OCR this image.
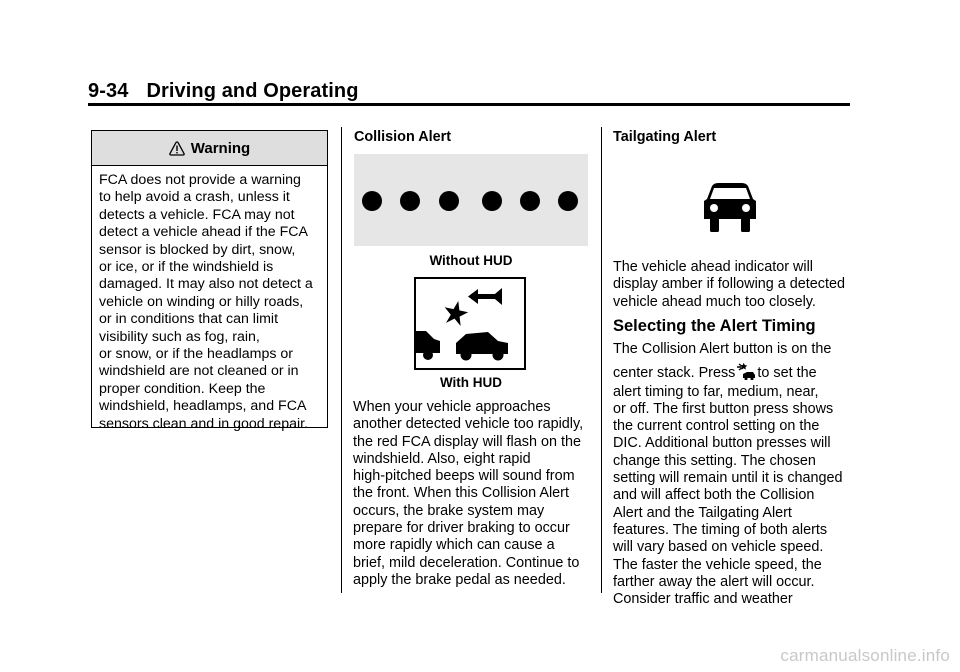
9-34 Driving and Operating
Warning

FCA does not provide a warning

to help avoid a crash, unless it

detects a vehicle. FCA may not

detect a vehicle ahead if the FCA

sensor is blocked by dirt, snow,

or ice, or if the windshield is

damaged. It may also not detect a

vehicle on winding or hilly roads,

or in conditions that can limit

visibility such as fog, rain,

or snow, or if the headlamps or

windshield are not cleaned or in

proper condition. Keep the

windshield, headlamps, and FCA

sensors clean and in good repair.

Collision Alert
Without HUD
With HUD

When your vehicle approaches

another detected vehicle too rapidly,

the red FCA display will flash on the

windshield. Also, eight rapid

high-pitched beeps will sound from

the front. When this Collision Alert

occurs, the brake system may

prepare for driver braking to occur

more rapidly which can cause a

brief, mild deceleration. Continue to

apply the brake pedal as needed.

Tailgating Alert

The vehicle ahead indicator will

display amber if following a detected

vehicle ahead much too closely.

Selecting the Alert Timing

The Collision Alert button is on the

center stack. Press to set the

alert timing to far, medium, near,

or off. The first button press shows

the current control setting on the

DIC. Additional button presses will

change this setting. The chosen

setting will remain until it is changed

and will affect both the Collision

Alert and the Tailgating Alert

features. The timing of both alerts

will vary based on vehicle speed.

The faster the vehicle speed, the

farther away the alert will occur.

Consider traffic and weather

carmanualsonline.info
